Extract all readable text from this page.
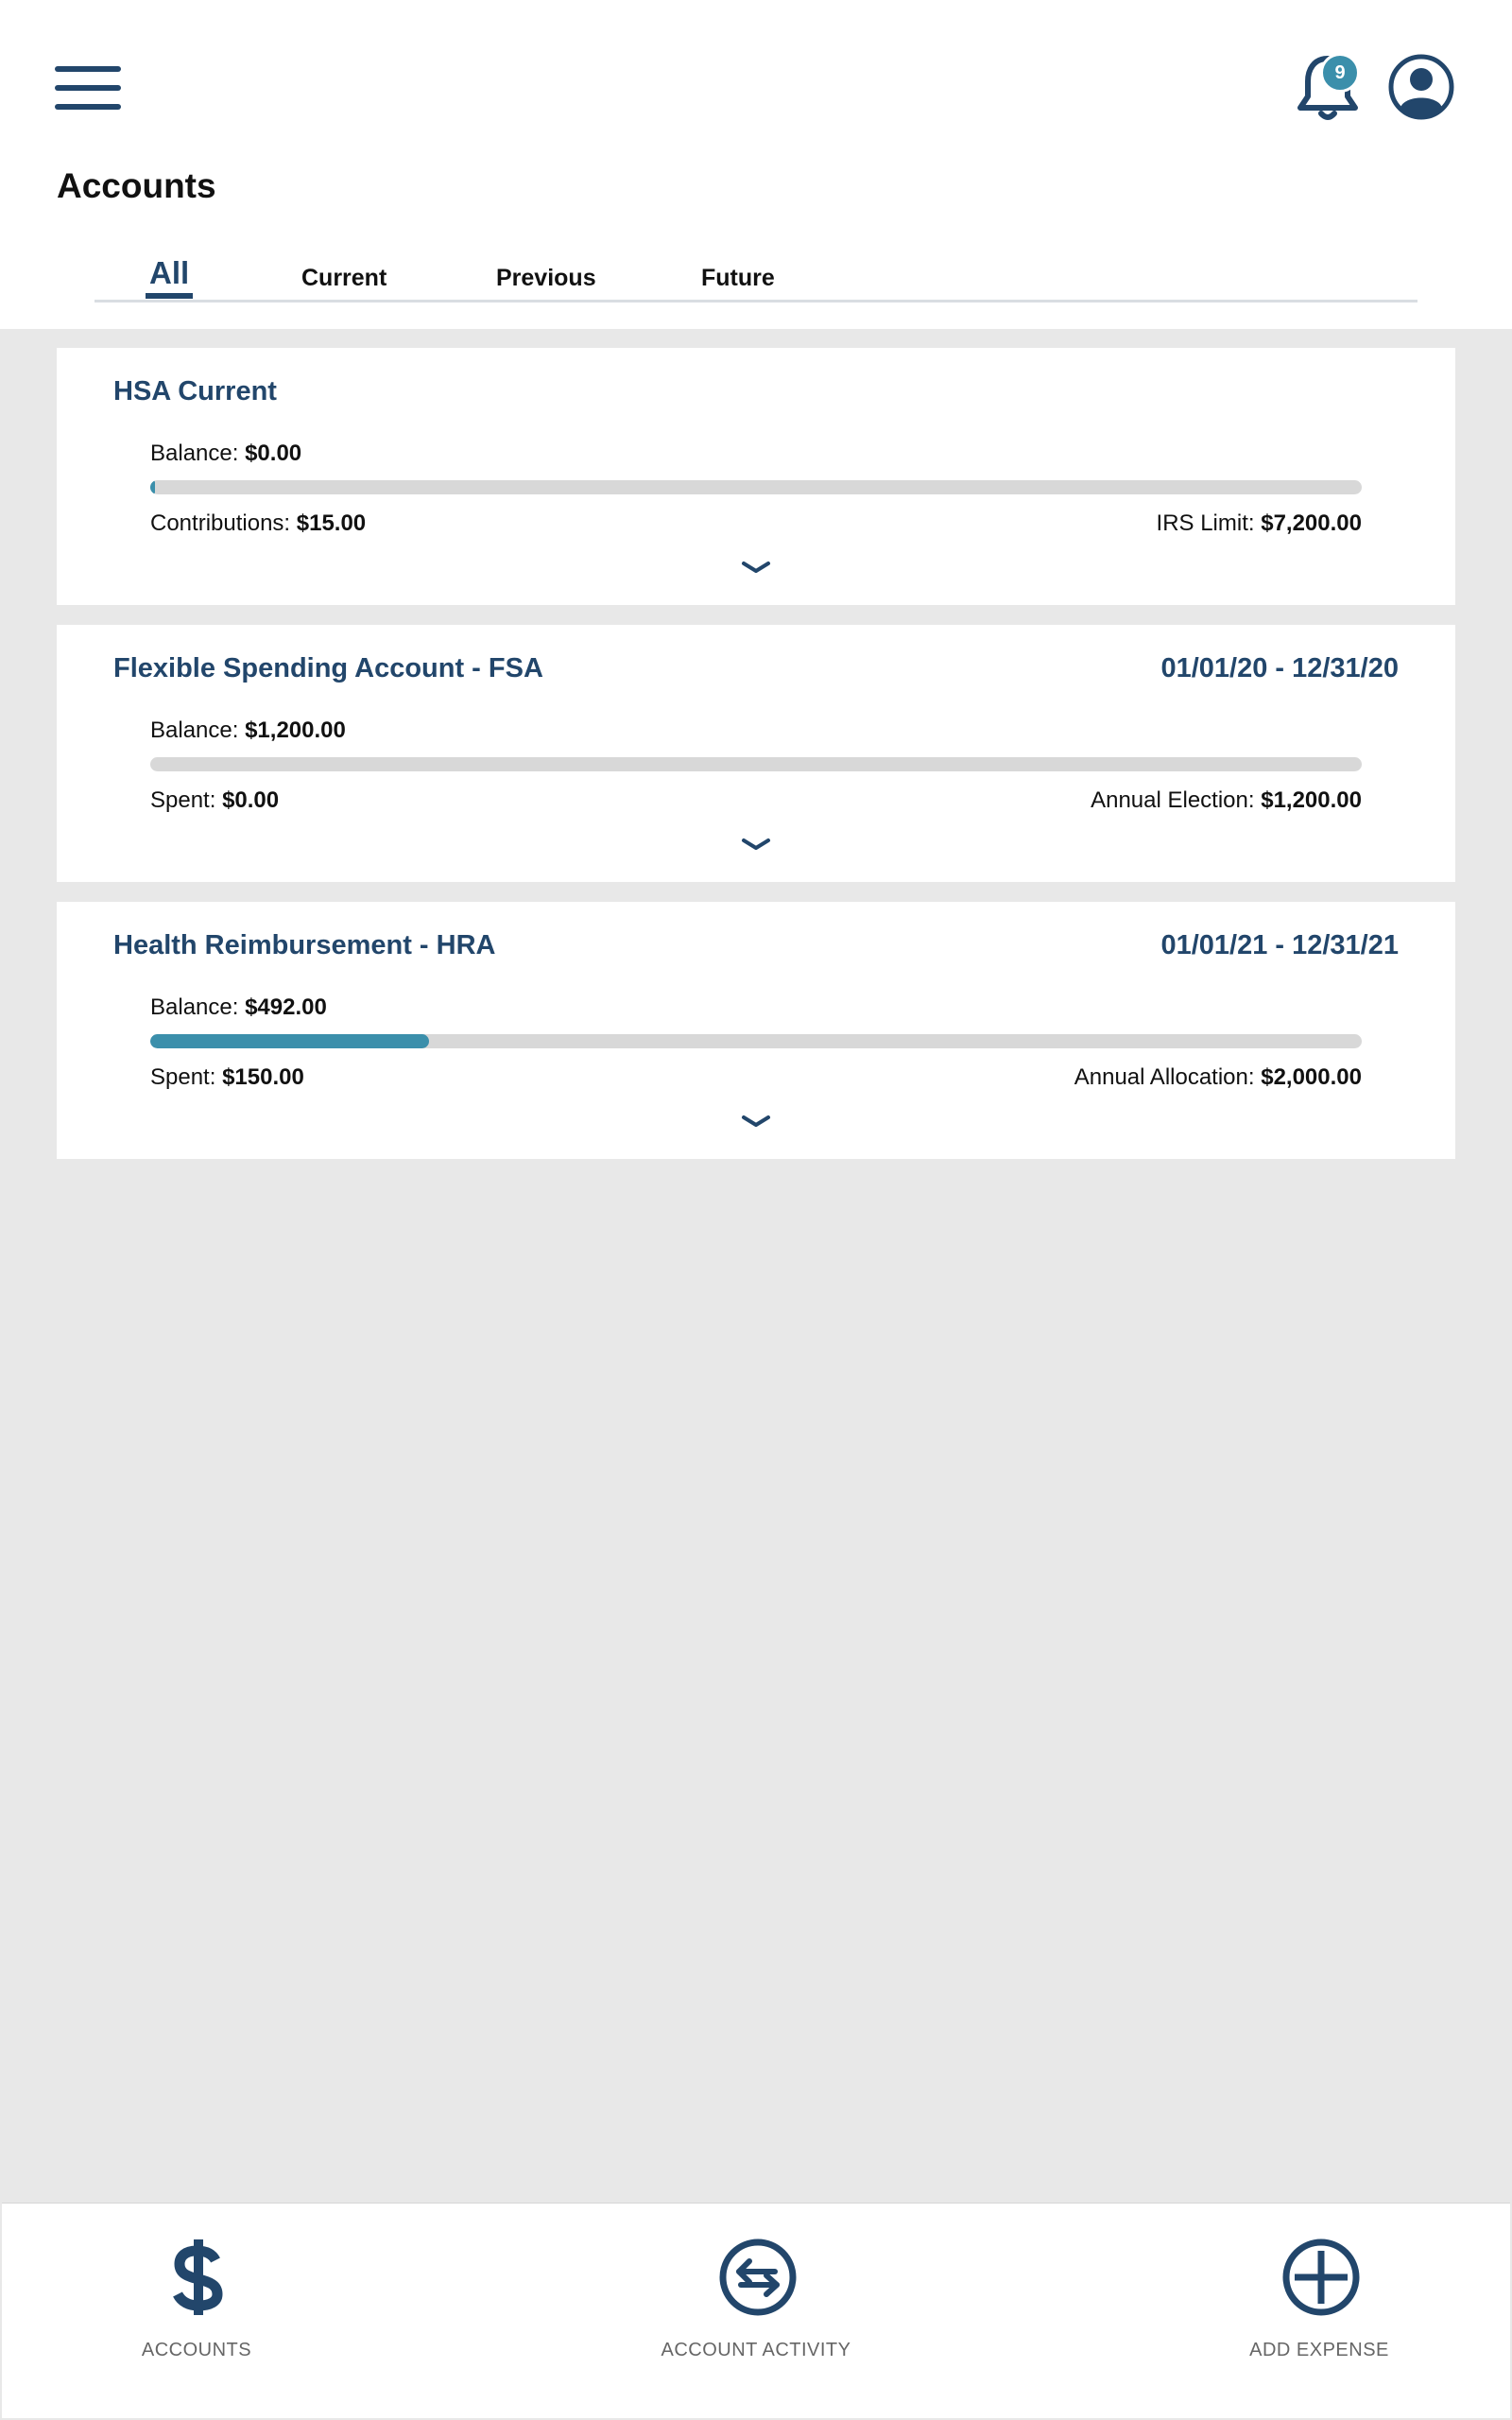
9
Accounts
All	Current	Previous	Future
HSA Current
Balance: $0.00
Contributions: $15.00	IRS Limit: $7,200.00
Flexible Spending Account - FSA	01/01/20 - 12/31/20
Balance: $1,200.00
Spent: $0.00	Annual Election: $1,200.00
Health Reimbursement - HRA	01/01/21 - 12/31/21
Balance: $492.00
Spent: $150.00	Annual Allocation: $2,000.00
ACCOUNTS	ACCOUNT ACTIVITY	ADD EXPENSE
